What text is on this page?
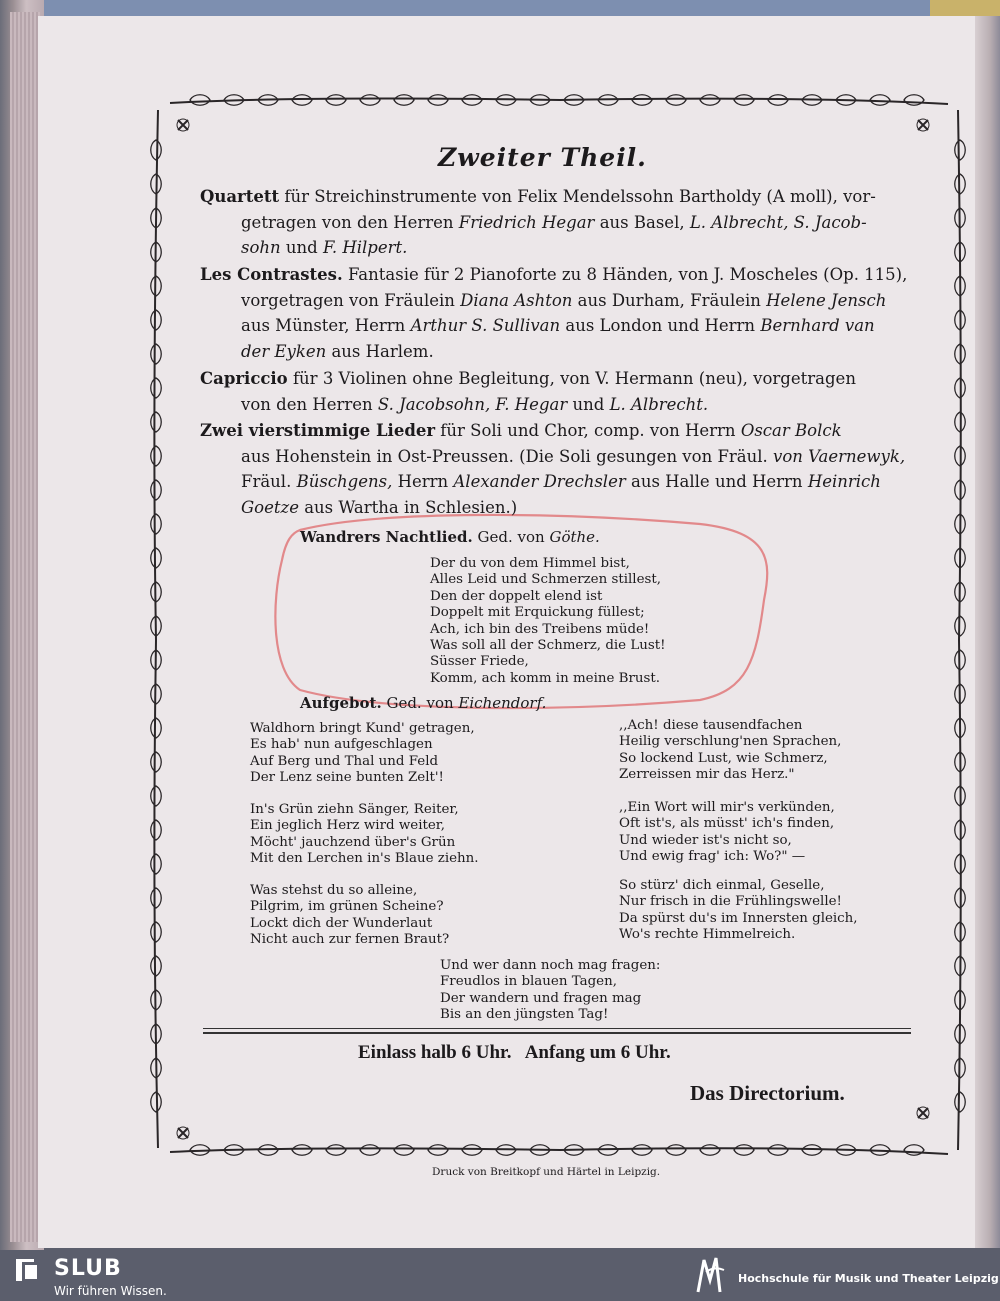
Zweiter Theil.
Quartett für Streichinstrumente von Felix Mendelssohn Bartholdy (A moll), vor-
getragen von den Herren Friedrich Hegar aus Basel, L. Albrecht, S. Jacob-
sohn und F. Hilpert.
Les Contrastes. Fantasie für 2 Pianoforte zu 8 Händen, von J. Moscheles (Op. 115),
vorgetragen von Fräulein Diana Ashton aus Durham, Fräulein Helene Jensch
aus Münster, Herrn Arthur S. Sullivan aus London und Herrn Bernhard van
der Eyken aus Harlem.
Capriccio für 3 Violinen ohne Begleitung, von V. Hermann (neu), vorgetragen
von den Herren S. Jacobsohn, F. Hegar und L. Albrecht.
Zwei vierstimmige Lieder für Soli und Chor, comp. von Herrn Oscar Bolck
aus Hohenstein in Ost-Preussen. (Die Soli gesungen von Fräul. von Vaernewyk,
Fräul. Büschgens, Herrn Alexander Drechsler aus Halle und Herrn Heinrich
Goetze aus Wartha in Schlesien.)
Wandrers Nachtlied. Ged. von Göthe.
Der du von dem Himmel bist,
Alles Leid und Schmerzen stillest,
Den der doppelt elend ist
Doppelt mit Erquickung füllest;
Ach, ich bin des Treibens müde!
Was soll all der Schmerz, die Lust!
Süsser Friede,
Komm, ach komm in meine Brust.
Aufgebot. Ged. von Eichendorf.
Waldhorn bringt Kund' getragen,
Es hab' nun aufgeschlagen
Auf Berg und Thal und Feld
Der Lenz seine bunten Zelt'!
In's Grün ziehn Sänger, Reiter,
Ein jeglich Herz wird weiter,
Möcht' jauchzend über's Grün
Mit den Lerchen in's Blaue ziehn.
Was stehst du so alleine,
Pilgrim, im grünen Scheine?
Lockt dich der Wunderlaut
Nicht auch zur fernen Braut?
,,Ach! diese tausendfachen
Heilig verschlung'nen Sprachen,
So lockend Lust, wie Schmerz,
Zerreissen mir das Herz."
,,Ein Wort will mir's verkünden,
Oft ist's, als müsst' ich's finden,
Und wieder ist's nicht so,
Und ewig frag' ich: Wo?" —
So stürz' dich einmal, Geselle,
Nur frisch in die Frühlingswelle!
Da spürst du's im Innersten gleich,
Wo's rechte Himmelreich.
Und wer dann noch mag fragen:
Freudlos in blauen Tagen,
Der wandern und fragen mag
Bis an den jüngsten Tag!
Einlass halb 6 Uhr. Anfang um 6 Uhr.
Das Directorium.
Druck von Breitkopf und Härtel in Leipzig.
SLUB
Wir führen Wissen.
Hochschule für Musik und Theater Leipzig
